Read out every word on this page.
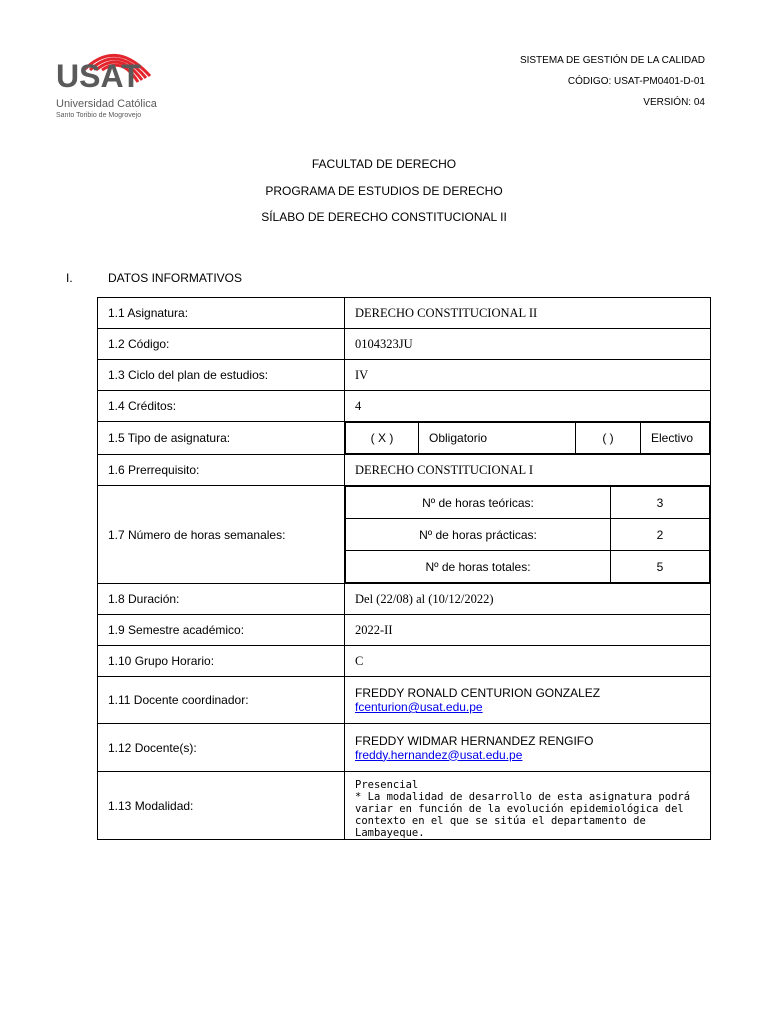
USAT
Universidad Católica
Santo Toribio de Mogrovejo
SISTEMA DE GESTIÓN DE LA CALIDAD
CÓDIGO: USAT-PM0401-D-01
VERSIÓN: 04
FACULTAD DE DERECHO
PROGRAMA DE ESTUDIOS DE DERECHO
SÍLABO DE DERECHO CONSTITUCIONAL II
I.	DATOS INFORMATIVOS
1.1 Asignatura:	DERECHO CONSTITUCIONAL II
1.2 Código:	0104323JU
1.3 Ciclo del plan de estudios:	IV
1.4 Créditos:	4
1.5 Tipo de asignatura:		( X )	Obligatorio	( )	Electivo

1.6 Prerrequisito:	DERECHO CONSTITUCIONAL I
1.7 Número de horas semanales:	
Nº de horas teóricas:	3
Nº de horas prácticas:	2
Nº de horas totales:	5

1.8 Duración:	Del (22/08) al (10/12/2022)
1.9 Semestre académico:	2022-II
1.10 Grupo Horario:	C
1.11 Docente coordinador:	FREDDY RONALD CENTURION GONZALEZ
fcenturion@usat.edu.pe

1.12 Docente(s):	FREDDY WIDMAR HERNANDEZ RENGIFO
freddy.hernandez@usat.edu.pe

1.13 Modalidad:	
Presencial
* La modalidad de desarrollo de esta asignatura podrá variar en función de la evolución epidemiológica del contexto en el que se sitúa el departamento de Lambayeque.
